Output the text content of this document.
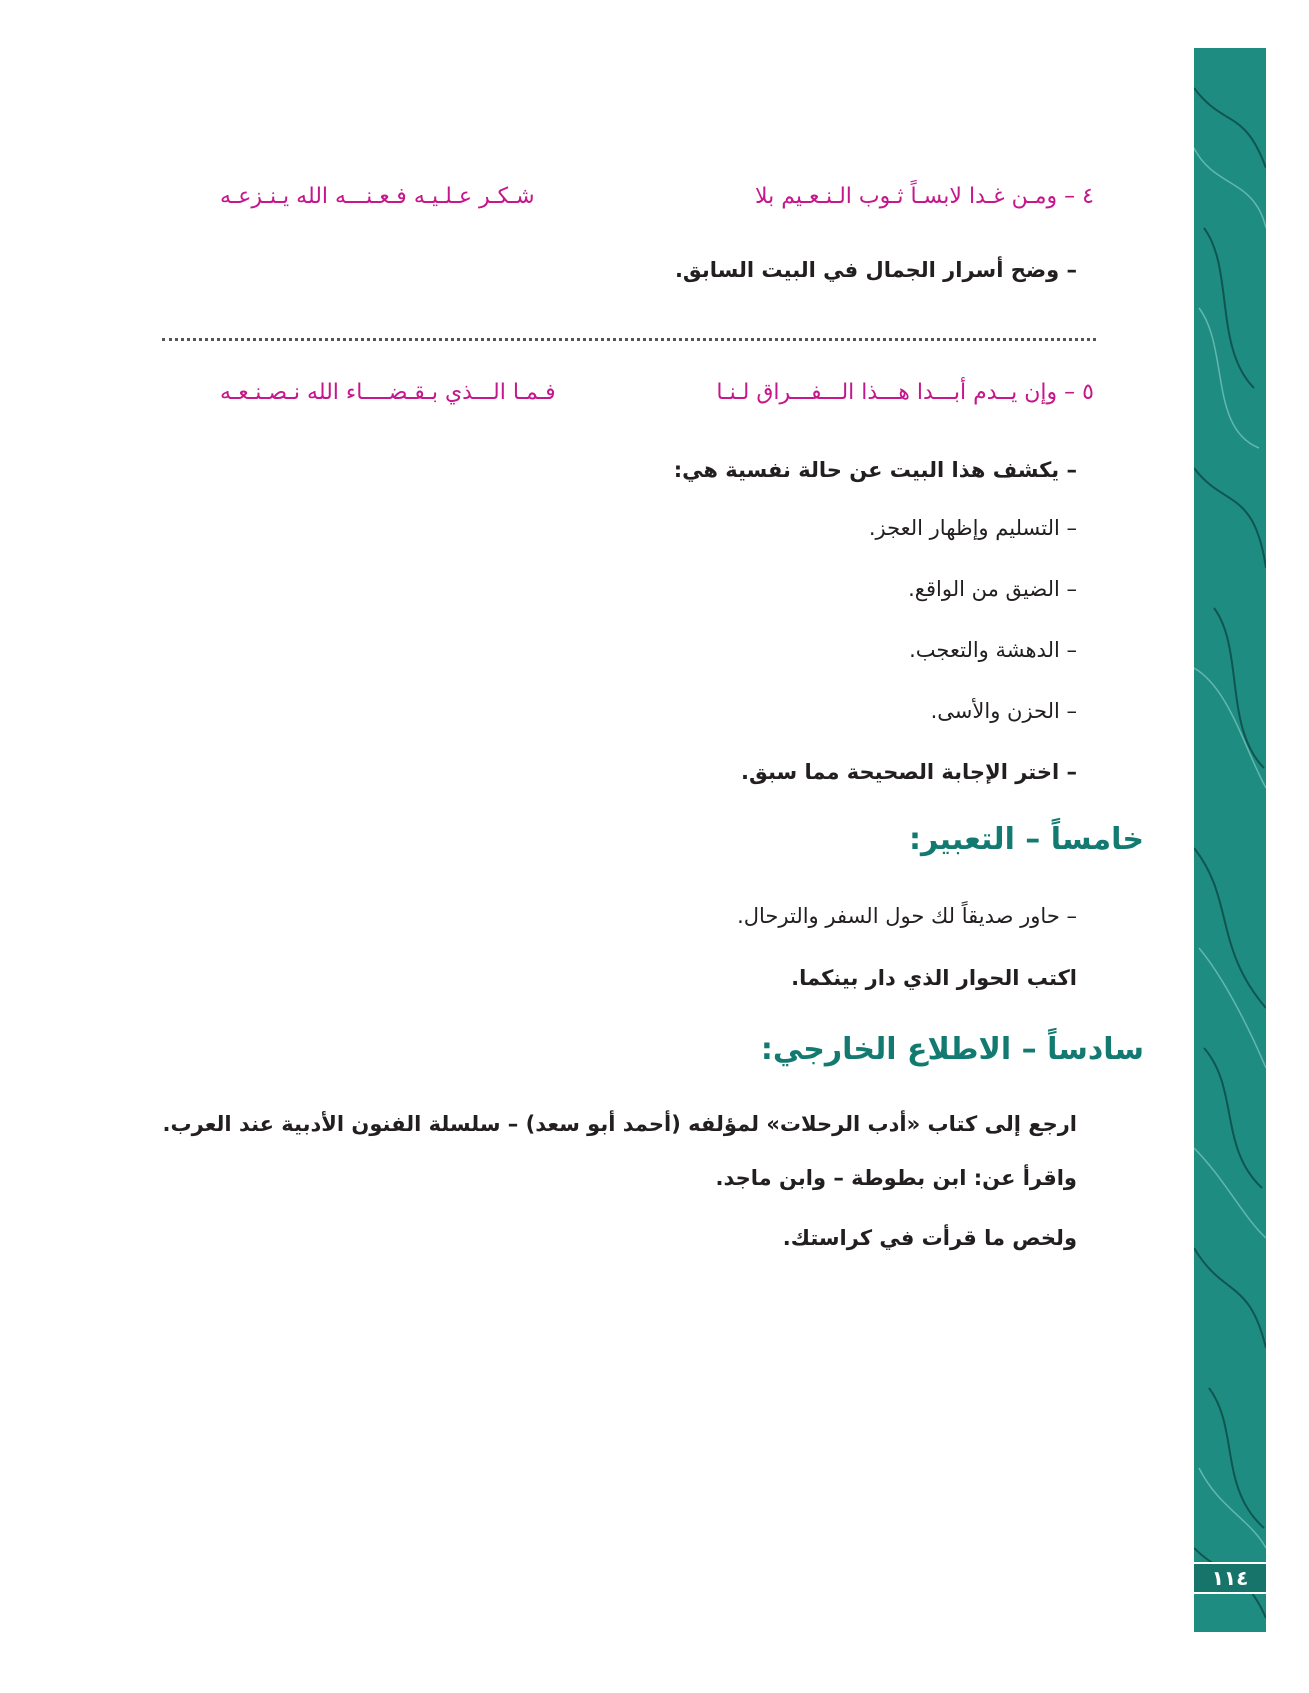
١١٤
٤ – ومـن غـدا لابسـاً ثـوب الـنـعـيم بلا
شـكـر عـلـيـه فـعـنـــه الله يـنـزعـه
– وضح أسرار الجمال في البيت السابق.
٥ – وإن يــدم أبـــدا هـــذا الـــفـــراق لـنـا
فـمـا الـــذي بـقـضــــاء الله نـصـنـعـه
– يكشف هذا البيت عن حالة نفسية هي:
– التسليم وإظهار العجز.
– الضيق من الواقع.
– الدهشة والتعجب.
– الحزن والأسى.
– اختر الإجابة الصحيحة مما سبق.
خامساً – التعبير:
– حاور صديقاً لك حول السفر والترحال.
اكتب الحوار الذي دار بينكما.
سادساً – الاطلاع الخارجي:
ارجع إلى كتاب «أدب الرحلات» لمؤلفه (أحمد أبو سعد) – سلسلة الفنون الأدبية عند العرب.
واقرأ عن: ابن بطوطة – وابن ماجد.
ولخص ما قرأت في كراستك.
